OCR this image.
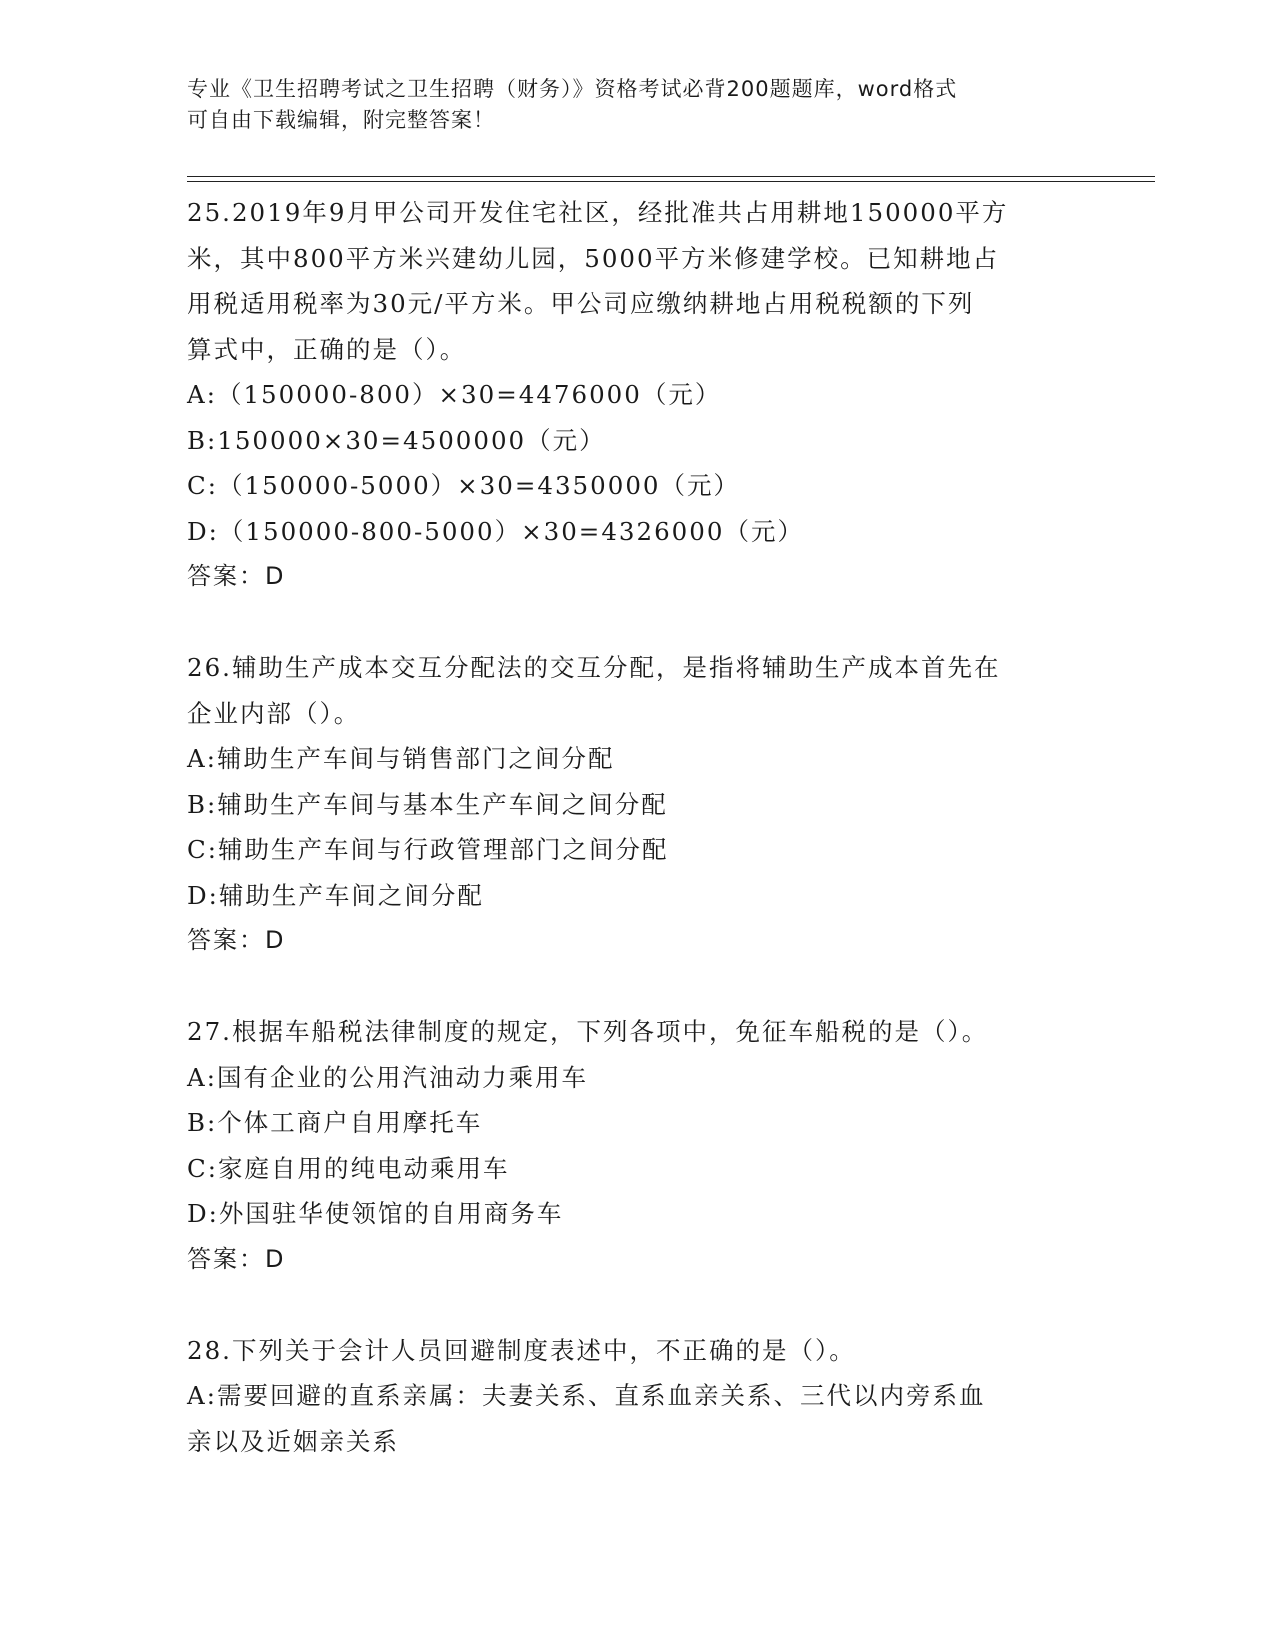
专业《卫生招聘考试之卫生招聘（财务）》资格考试必背200题题库，word格式
可自由下载编辑，附完整答案！
25.2019年9月甲公司开发住宅社区，经批准共占用耕地150000平方
米，其中800平方米兴建幼儿园，5000平方米修建学校。已知耕地占
用税适用税率为30元/平方米。甲公司应缴纳耕地占用税税额的下列
算式中，正确的是（）。
A:（150000-800）×30=4476000（元）
B:150000×30=4500000（元）
C:（150000-5000）×30=4350000（元）
D:（150000-800-5000）×30=4326000（元）
答案：D
26.辅助生产成本交互分配法的交互分配，是指将辅助生产成本首先在
企业内部（）。
A:辅助生产车间与销售部门之间分配
B:辅助生产车间与基本生产车间之间分配
C:辅助生产车间与行政管理部门之间分配
D:辅助生产车间之间分配
答案：D
27.根据车船税法律制度的规定，下列各项中，免征车船税的是（）。
A:国有企业的公用汽油动力乘用车
B:个体工商户自用摩托车
C:家庭自用的纯电动乘用车
D:外国驻华使领馆的自用商务车
答案：D
28.下列关于会计人员回避制度表述中，不正确的是（）。
A:需要回避的直系亲属：夫妻关系、直系血亲关系、三代以内旁系血
亲以及近姻亲关系
